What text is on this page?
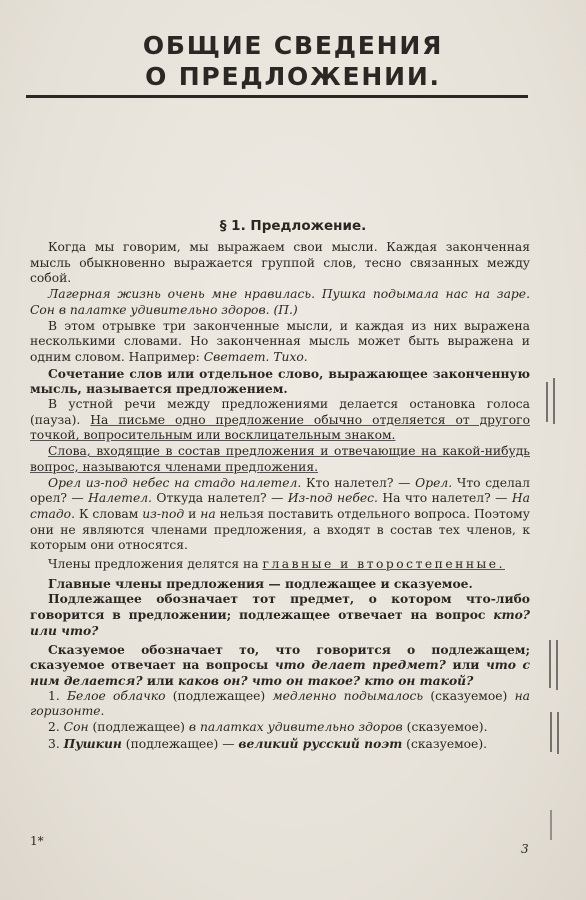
ОБЩИЕ СВЕДЕНИЯ
О ПРЕДЛОЖЕНИИ.
§ 1. Предложение.

Когда мы говорим, мы выражаем свои мысли. Каждая законченная мысль обыкновенно выражается группой слов, тесно связанных между собой.

Лагерная жизнь очень мне нравилась. Пушка подымала нас на заре. Сон в палатке удивительно здоров. (П.)

В этом отрывке три законченные мысли, и каждая из них выражена несколькими словами. Но законченная мысль может быть выражена и одним словом. Например: Светает. Тихо.

Сочетание слов или отдельное слово, выражающее законченную мысль, называется предложением.

В устной речи между предложениями делается остановка голоса (пауза). На письме одно предложение обычно отделяется от другого точкой, вопросительным или восклицательным знаком.

Слова, входящие в состав предложения и отвечающие на какой-нибудь вопрос, называются членами предложения.

Орел из-под небес на стадо налетел. Кто налетел? — Орел. Что сделал орел? — Налетел. Откуда налетел? — Из-под небес. На что налетел? — На стадо. К словам из-под и на нельзя поставить отдельного вопроса. Поэтому они не являются членами предложения, а входят в состав тех членов, к которым они относятся.

Члены предложения делятся на главные и второстепенные.

Главные члены предложения — подлежащее и сказуемое.

Подлежащее обозначает тот предмет, о котором что-либо говорится в предложении; подлежащее отвечает на вопрос кто? или что?

Сказуемое обозначает то, что говорится о подлежащем; сказуемое отвечает на вопросы что делает предмет? или что с ним делается? или каков он? что он такое? кто он такой?

1. Белое облачко (подлежащее) медленно подымалось (сказуемое) на горизонте.

2. Сон (подлежащее) в палатках удивительно здоров (сказуемое).

3. Пушкин (подлежащее) — великий русский поэт (сказуемое).

1*
3
